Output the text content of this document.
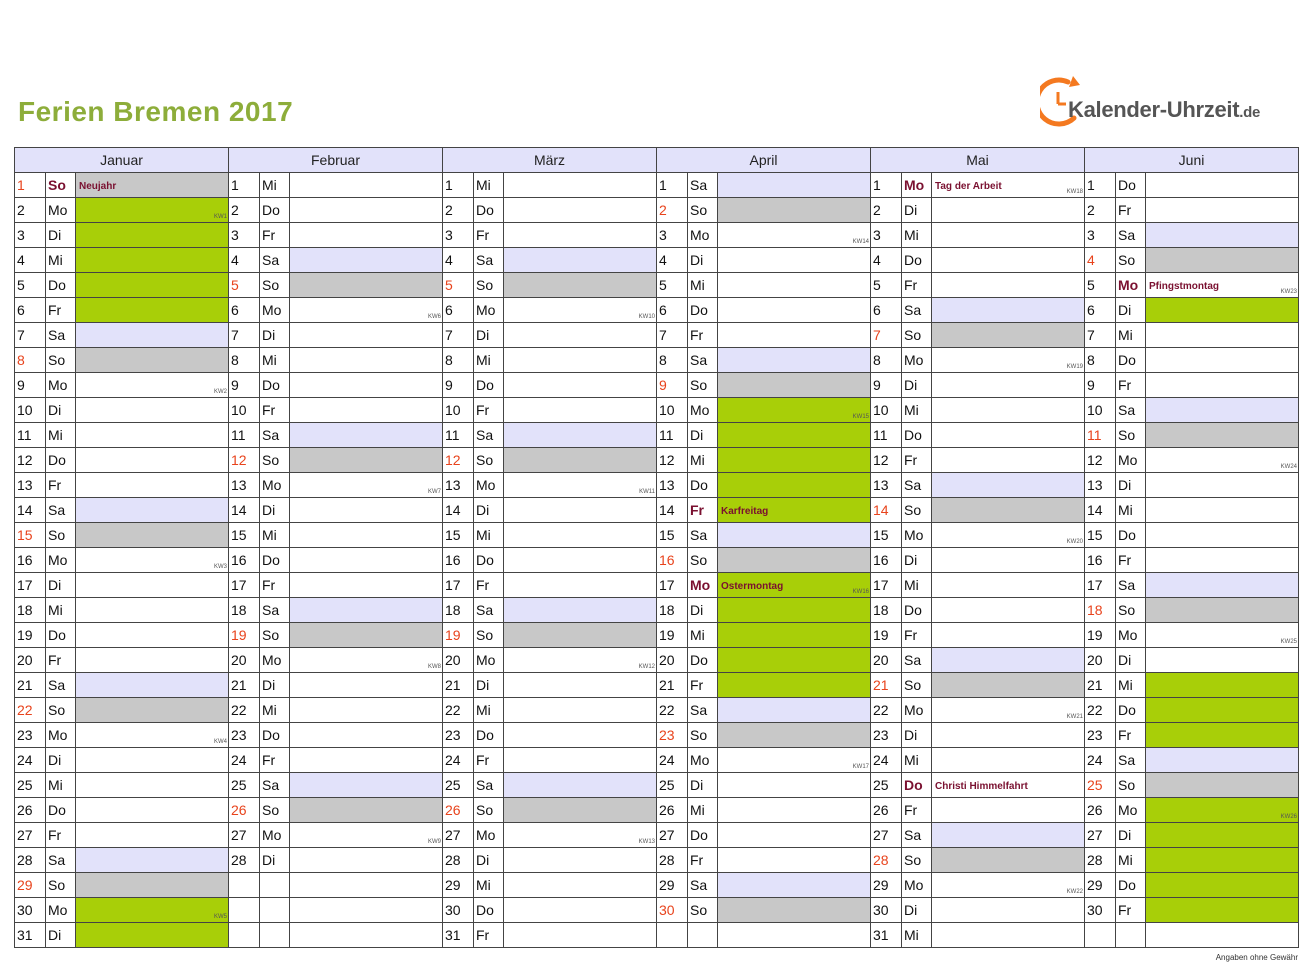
Ferien Bremen 2017	Kalender-Uhrzeit.de
Januar
1	So	Neujahr
2	Mo	KW1
3	Di
4	Mi
5	Do
6	Fr
7	Sa
8	So
9	Mo	KW2
10	Di
11	Mi
12	Do
13	Fr
14	Sa
15	So
16	Mo	KW3
17	Di
18	Mi
19	Do
20	Fr
21	Sa
22	So
23	Mo	KW4
24	Di
25	Mi
26	Do
27	Fr
28	Sa
29	So
30	Mo	KW5
31	Di
Februar
1	Mi
2	Do
3	Fr
4	Sa
5	So
6	Mo	KW6
7	Di
8	Mi
9	Do
10	Fr
11	Sa
12	So
13	Mo	KW7
14	Di
15	Mi
16	Do
17	Fr
18	Sa
19	So
20	Mo	KW8
21	Di
22	Mi
23	Do
24	Fr
25	Sa
26	So
27	Mo	KW9
28	Di
März
1	Mi
2	Do
3	Fr
4	Sa
5	So
6	Mo	KW10
7	Di
8	Mi
9	Do
10	Fr
11	Sa
12	So
13	Mo	KW11
14	Di
15	Mi
16	Do
17	Fr
18	Sa
19	So
20	Mo	KW12
21	Di
22	Mi
23	Do
24	Fr
25	Sa
26	So
27	Mo	KW13
28	Di
29	Mi
30	Do
31	Fr
April
1	Sa
2	So
3	Mo	KW14
4	Di
5	Mi
6	Do
7	Fr
8	Sa
9	So
10	Mo	KW15
11	Di
12	Mi
13	Do
14	Fr	Karfreitag
15	Sa
16	So
17	Mo	Ostermontag	KW16
18	Di
19	Mi
20	Do
21	Fr
22	Sa
23	So
24	Mo	KW17
25	Di
26	Mi
27	Do
28	Fr
29	Sa
30	So
Mai
1	Mo	Tag der Arbeit	KW18
2	Di
3	Mi
4	Do
5	Fr
6	Sa
7	So
8	Mo	KW19
9	Di
10	Mi
11	Do
12	Fr
13	Sa
14	So
15	Mo	KW20
16	Di
17	Mi
18	Do
19	Fr
20	Sa
21	So
22	Mo	KW21
23	Di
24	Mi
25	Do	Christi Himmelfahrt
26	Fr
27	Sa
28	So
29	Mo	KW22
30	Di
31	Mi
Juni
1	Do
2	Fr
3	Sa
4	So
5	Mo	Pfingstmontag	KW23
6	Di
7	Mi
8	Do
9	Fr
10	Sa
11	So
12	Mo	KW24
13	Di
14	Mi
15	Do
16	Fr
17	Sa
18	So
19	Mo	KW25
20	Di
21	Mi
22	Do
23	Fr
24	Sa
25	So
26	Mo	KW26
27	Di
28	Mi
29	Do
30	Fr
Angaben ohne Gewähr
